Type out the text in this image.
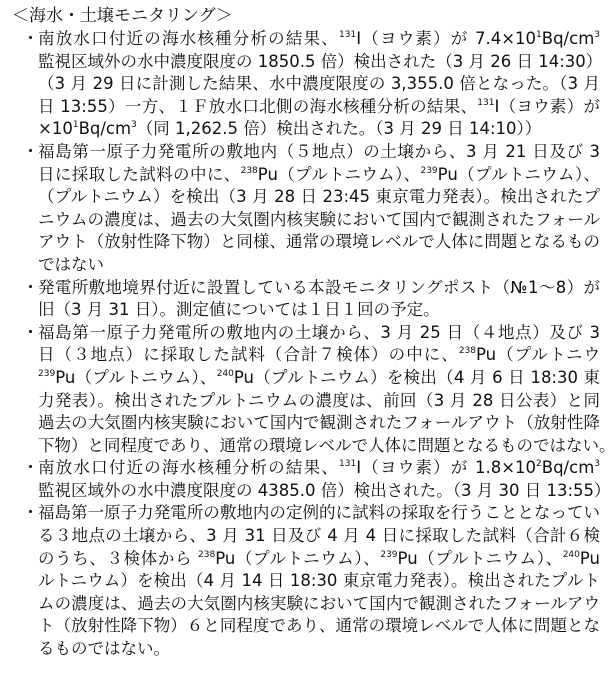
＜海水・土壌モニタリング＞
・ 南放水口付近の海水核種分析の結果、$^{131}$I（ヨウ素）が $7.4\times 10^1Bq/cm^3$
監視区域外の水中濃度限度の 1850.5 倍）検出された（3 月 26 日 14:30）
（3 月 29 日に計測した結果、水中濃度限度の 3,355.0 倍となった。（3 月
日 13:55）一方、１Ｆ放水口北側の海水核種分析の結果、$^{131}$I（ヨウ素）が
$\times 10^1Bq/cm^3$（同 1,262.5 倍）検出された。（3 月 29 日 14:10））
・ 福島第一原子力発電所の敷地内（５地点）の土壌から、3 月 21 日及び 3
日に採取した試料の中に、$^{238}$Pu（プルトニウム）、$^{239}$Pu（プルトニウム）、
（プルトニウム）を検出（3 月 28 日 23:45 東京電力発表）。検出されたプ
ニウムの濃度は、過去の大気圏内核実験において国内で観測されたフォール
アウト（放射性降下物）と同様、通常の環境レベルで人体に問題となるもの
ではない
・ 発電所敷地境界付近に設置している本設モニタリングポスト（№1～8）が
旧（3 月 31 日）。測定値については１日１回の予定。
・ 福島第一原子力発電所の敷地内の土壌から、3 月 25 日（４地点）及び 3
日（３地点）に採取した試料（合計７検体）の中に、$^{238}$Pu（プルトニウ
$^{239}$Pu（プルトニウム）、$^{240}$Pu（プルトニウム）を検出（4 月 6 日 18:30 東
力発表）。検出されたプルトニウムの濃度は、前回（3 月 28 日公表）と同
過去の大気圏内核実験において国内で観測されたフォールアウト（放射性降
下物）と同程度であり、通常の環境レベルで人体に問題となるものではない。
・ 南放水口付近の海水核種分析の結果、$^{131}$I（ヨウ素）が $1.8\times 10^2Bq/cm^3$
監視区域外の水中濃度限度の 4385.0 倍）検出された。（3 月 30 日 13:55）
・ 福島第一原子力発電所の敷地内の定例的に試料の採取を行うこととなってい
る３地点の土壌から、3 月 31 日及び 4 月 4 日に採取した試料（合計６検
のうち、３検体から $^{238}$Pu（プルトニウム）、$^{239}$Pu（プルトニウム）、$^{240}$Pu
ルトニウム）を検出（4 月 14 日 18:30 東京電力発表）。検出されたプルト
ムの濃度は、過去の大気圏内核実験において国内で観測されたフォールアウ
ト（放射性降下物）６と同程度であり、通常の環境レベルで人体に問題とな
るものではない。
